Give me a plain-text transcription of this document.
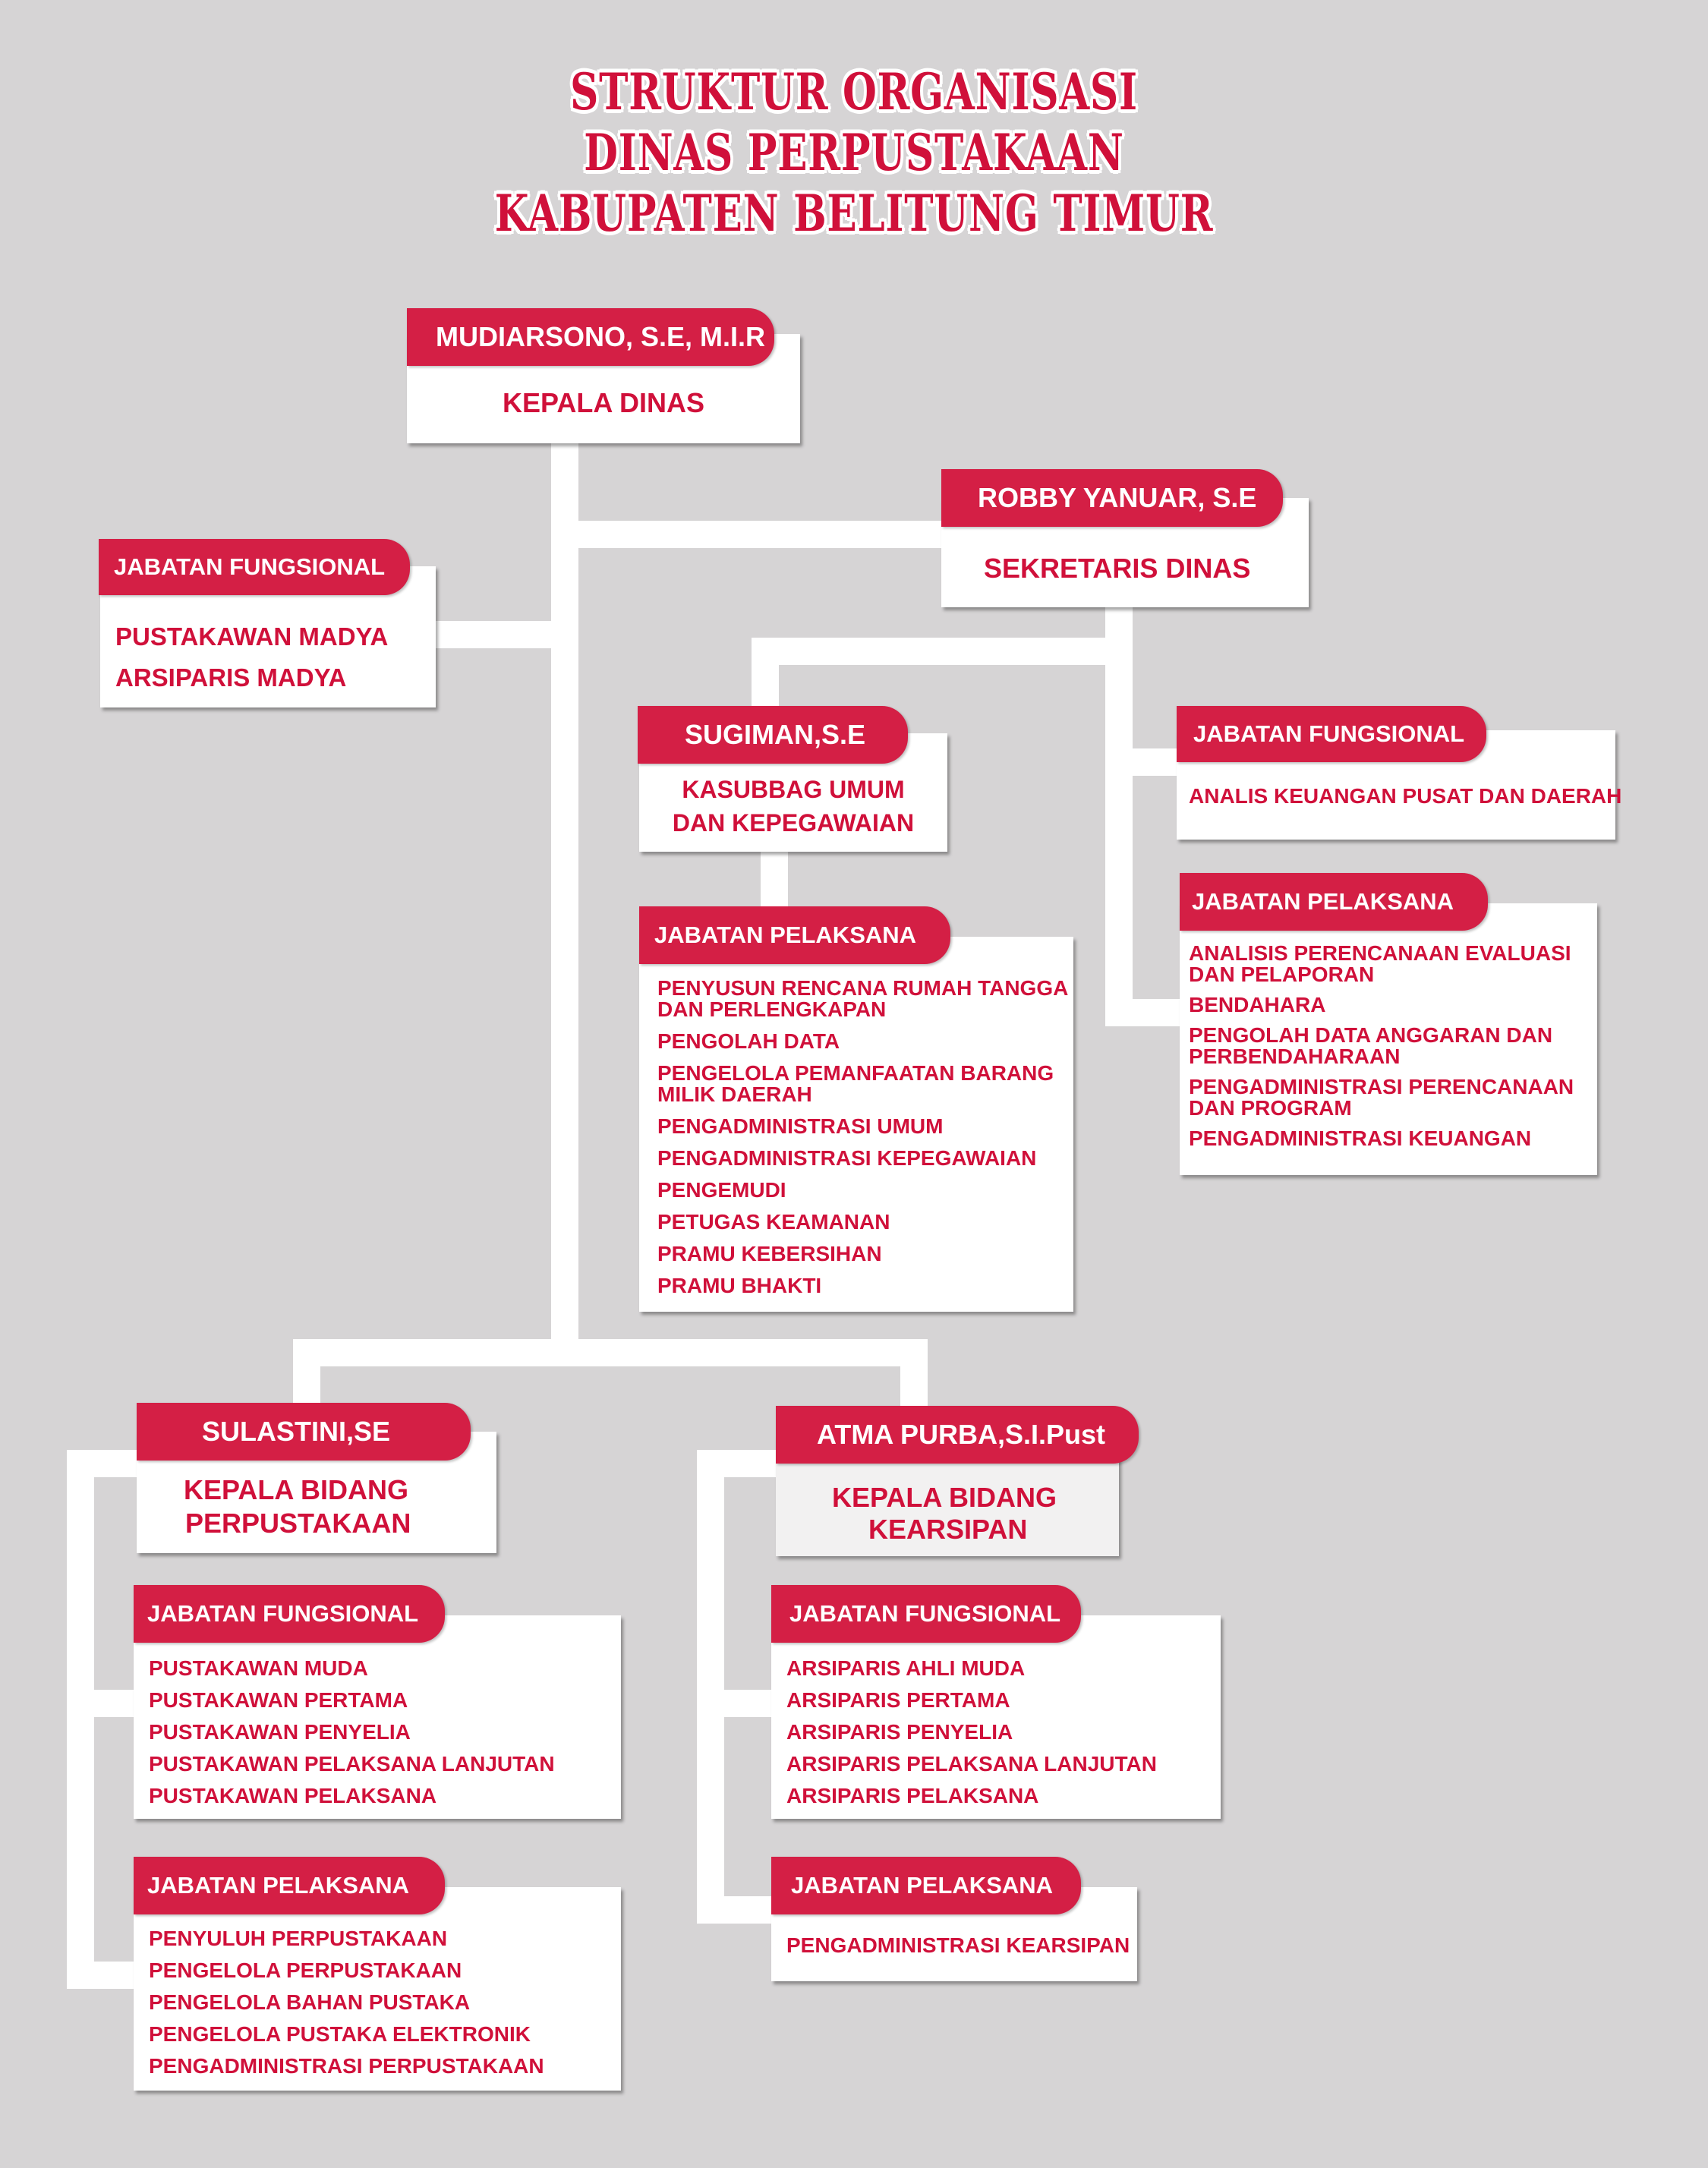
STRUKTUR ORGANISASI
DINAS PERPUSTAKAAN
KABUPATEN BELITUNG TIMUR
KEPALA DINAS
MUDIARSONO, S.E, M.I.R
PUSTAKAWAN MADYA
ARSIPARIS MADYA
JABATAN FUNGSIONAL	SEKRETARIS DINAS
ROBBY YANUAR, S.E
KASUBBAG UMUM
DAN KEPEGAWAIAN
SUGIMAN,S.E
PENYUSUN RENCANA RUMAH TANGGA
DAN PERLENGKAPAN
PENGOLAH DATA
PENGELOLA PEMANFAATAN BARANG
MILIK DAERAH
PENGADMINISTRASI UMUM
PENGADMINISTRASI KEPEGAWAIAN
PENGEMUDI
PETUGAS KEAMANAN
PRAMU KEBERSIHAN
PRAMU BHAKTI
JABATAN PELAKSANA
ANALIS KEUANGAN PUSAT DAN DAERAH
JABATAN FUNGSIONAL
ANALISIS PERENCANAAN EVALUASI
DAN PELAPORAN
BENDAHARA
PENGOLAH DATA ANGGARAN DAN
PERBENDAHARAAN
PENGADMINISTRASI PERENCANAAN
DAN PROGRAM
PENGADMINISTRASI KEUANGAN
JABATAN PELAKSANA
KEPALA BIDANG
PERPUSTAKAAN
SULASTINI,SE
PUSTAKAWAN MUDA
PUSTAKAWAN PERTAMA
PUSTAKAWAN PENYELIA
PUSTAKAWAN PELAKSANA LANJUTAN
PUSTAKAWAN PELAKSANA
JABATAN FUNGSIONAL
PENYULUH PERPUSTAKAAN
PENGELOLA PERPUSTAKAAN
PENGELOLA BAHAN PUSTAKA
PENGELOLA PUSTAKA ELEKTRONIK
PENGADMINISTRASI PERPUSTAKAAN
JABATAN PELAKSANA
KEPALA BIDANG
KEARSIPAN
ATMA PURBA,S.I.Pust
ARSIPARIS AHLI MUDA
ARSIPARIS PERTAMA
ARSIPARIS PENYELIA
ARSIPARIS PELAKSANA LANJUTAN
ARSIPARIS PELAKSANA
JABATAN FUNGSIONAL
PENGADMINISTRASI KEARSIPAN
JABATAN PELAKSANA
